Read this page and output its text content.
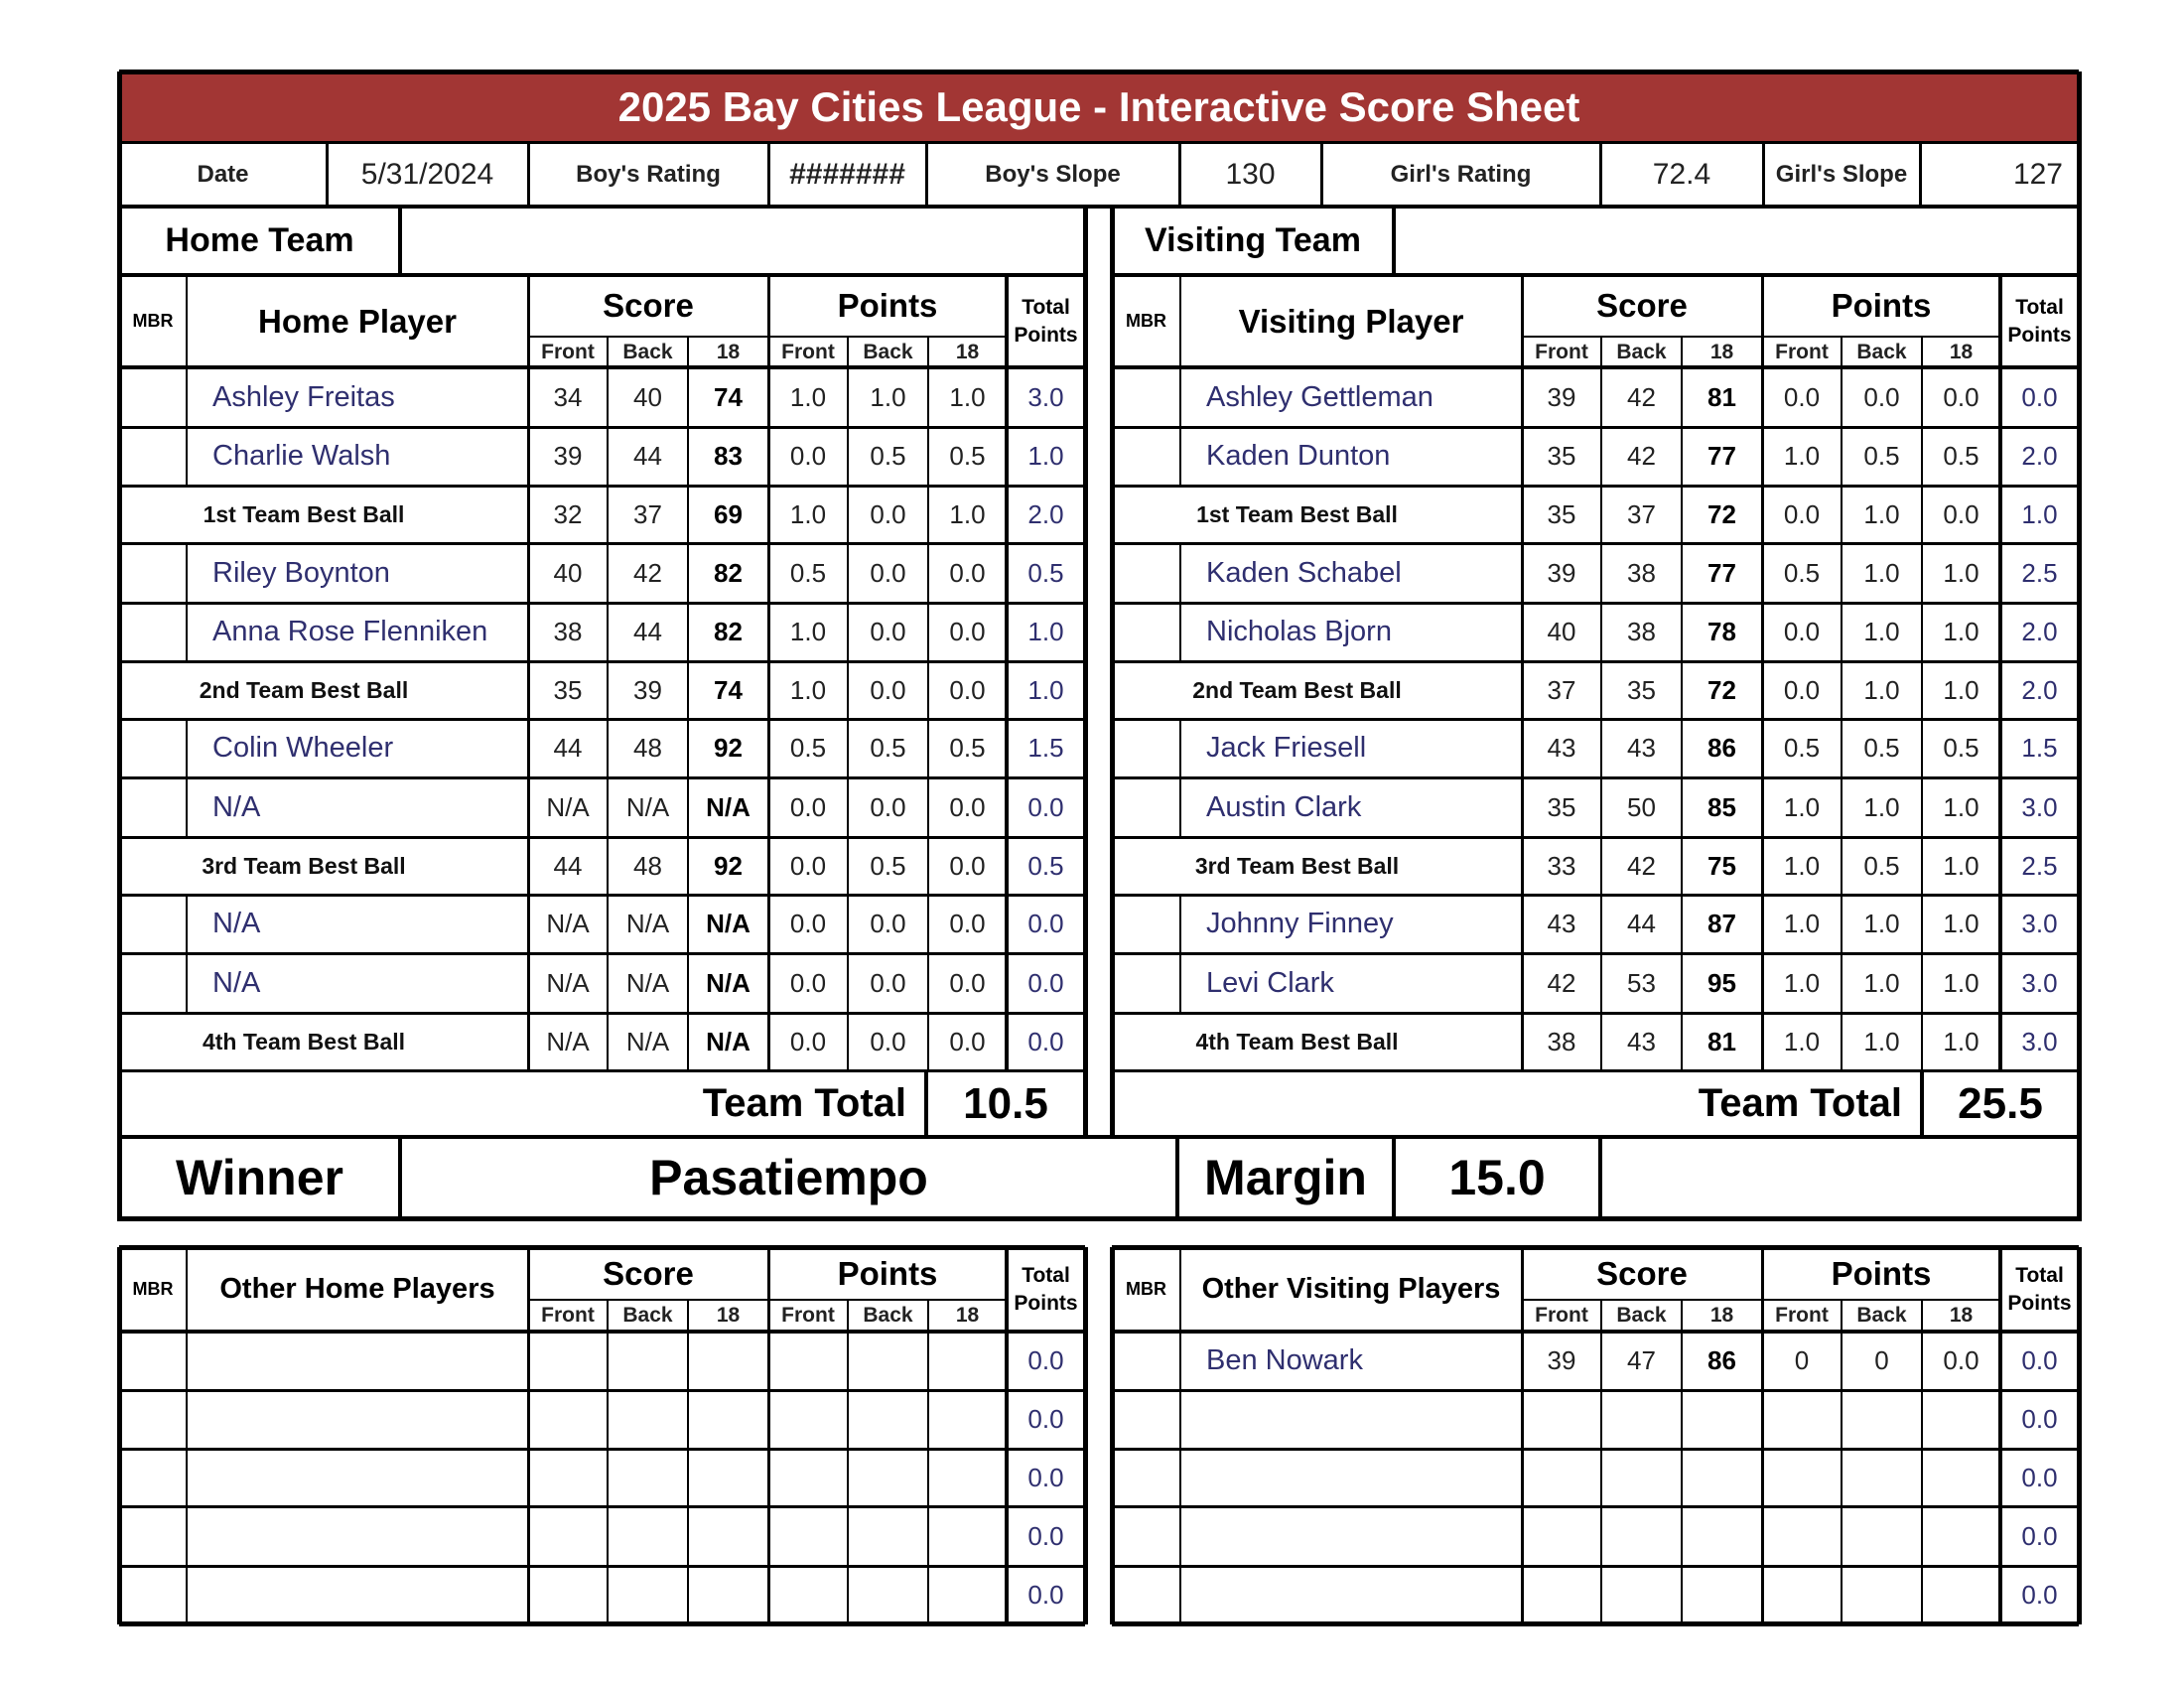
2025 Bay Cities League - Interactive Score Sheet
Date	5/31/2024	Boy's Rating	#######	Boy's Slope	130	Girl's Rating	72.4	Girl's Slope	127
Home Team
MBR	Home Player	Score	Points	Total Points
Front	Back	18	Front	Back	18
Ashley Freitas	34	40	74	1.0	1.0	1.0	3.0
Charlie Walsh	39	44	83	0.0	0.5	0.5	1.0
1st Team Best Ball	32	37	69	1.0	0.0	1.0	2.0
Riley Boynton	40	42	82	0.5	0.0	0.0	0.5
Anna Rose Flenniken	38	44	82	1.0	0.0	0.0	1.0
2nd Team Best Ball	35	39	74	1.0	0.0	0.0	1.0
Colin Wheeler	44	48	92	0.5	0.5	0.5	1.5
N/A	N/A	N/A	N/A	0.0	0.0	0.0	0.0
3rd Team Best Ball	44	48	92	0.0	0.5	0.0	0.5
N/A	N/A	N/A	N/A	0.0	0.0	0.0	0.0
N/A	N/A	N/A	N/A	0.0	0.0	0.0	0.0
4th Team Best Ball	N/A	N/A	N/A	0.0	0.0	0.0	0.0
Team Total	10.5
Visiting Team
MBR	Visiting Player	Score	Points	Total Points
Front	Back	18	Front	Back	18
Ashley Gettleman	39	42	81	0.0	0.0	0.0	0.0
Kaden Dunton	35	42	77	1.0	0.5	0.5	2.0
1st Team Best Ball	35	37	72	0.0	1.0	0.0	1.0
Kaden Schabel	39	38	77	0.5	1.0	1.0	2.5
Nicholas Bjorn	40	38	78	0.0	1.0	1.0	2.0
2nd Team Best Ball	37	35	72	0.0	1.0	1.0	2.0
Jack Friesell	43	43	86	0.5	0.5	0.5	1.5
Austin Clark	35	50	85	1.0	1.0	1.0	3.0
3rd Team Best Ball	33	42	75	1.0	0.5	1.0	2.5
Johnny Finney	43	44	87	1.0	1.0	1.0	3.0
Levi Clark	42	53	95	1.0	1.0	1.0	3.0
4th Team Best Ball	38	43	81	1.0	1.0	1.0	3.0
Team Total	25.5
Winner	Pasatiempo	Margin	15.0
MBR	Other Home Players	Score	Points	Total Points
Front	Back	18	Front	Back	18
0.0
0.0
0.0
0.0
0.0
MBR	Other Visiting Players	Score	Points	Total Points
Front	Back	18	Front	Back	18
Ben Nowark	39	47	86	0	0	0.0	0.0
0.0
0.0
0.0
0.0
